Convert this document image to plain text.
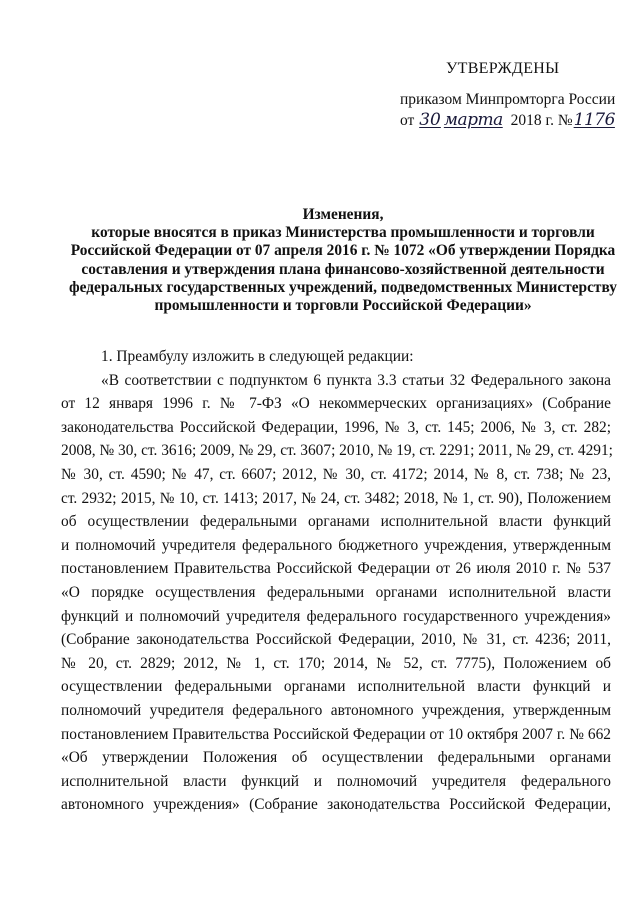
УТВЕРЖДЕНЫ
приказом Минпромторга России
от 30 марта 2018 г. №1176
Изменения,
которые вносятся в приказ Министерства промышленности и торговли
Российской Федерации от 07 апреля 2016 г. № 1072 «Об утверждении Порядка
составления и утверждения плана финансово-хозяйственной деятельности
федеральных государственных учреждений, подведомственных Министерству
промышленности и торговли Российской Федерации»
1. Преамбулу изложить в следующей редакции:
«В соответствии с подпунктом 6 пункта 3.3 статьи 32 Федерального закона
от 12 января 1996 г. № 7-ФЗ «О некоммерческих организациях» (Собрание
законодательства Российской Федерации, 1996, № 3, ст. 145; 2006, № 3, ст. 282;
2008, № 30, ст. 3616; 2009, № 29, ст. 3607; 2010, № 19, ст. 2291; 2011, № 29, ст. 4291;
№ 30, ст. 4590; № 47, ст. 6607; 2012, № 30, ст. 4172; 2014, № 8, ст. 738; № 23,
ст. 2932; 2015, № 10, ст. 1413; 2017, № 24, ст. 3482; 2018, № 1, ст. 90), Положением
об осуществлении федеральными органами исполнительной власти функций
и полномочий учредителя федерального бюджетного учреждения, утвержденным
постановлением Правительства Российской Федерации от 26 июля 2010 г. № 537
«О порядке осуществления федеральными органами исполнительной власти
функций и полномочий учредителя федерального государственного учреждения»
(Собрание законодательства Российской Федерации, 2010, № 31, ст. 4236; 2011,
№ 20, ст. 2829; 2012, № 1, ст. 170; 2014, № 52, ст. 7775), Положением об
осуществлении федеральными органами исполнительной власти функций и
полномочий учредителя федерального автономного учреждения, утвержденным
постановлением Правительства Российской Федерации от 10 октября 2007 г. № 662
«Об утверждении Положения об осуществлении федеральными органами
исполнительной власти функций и полномочий учредителя федерального
автономного учреждения» (Собрание законодательства Российской Федерации,
